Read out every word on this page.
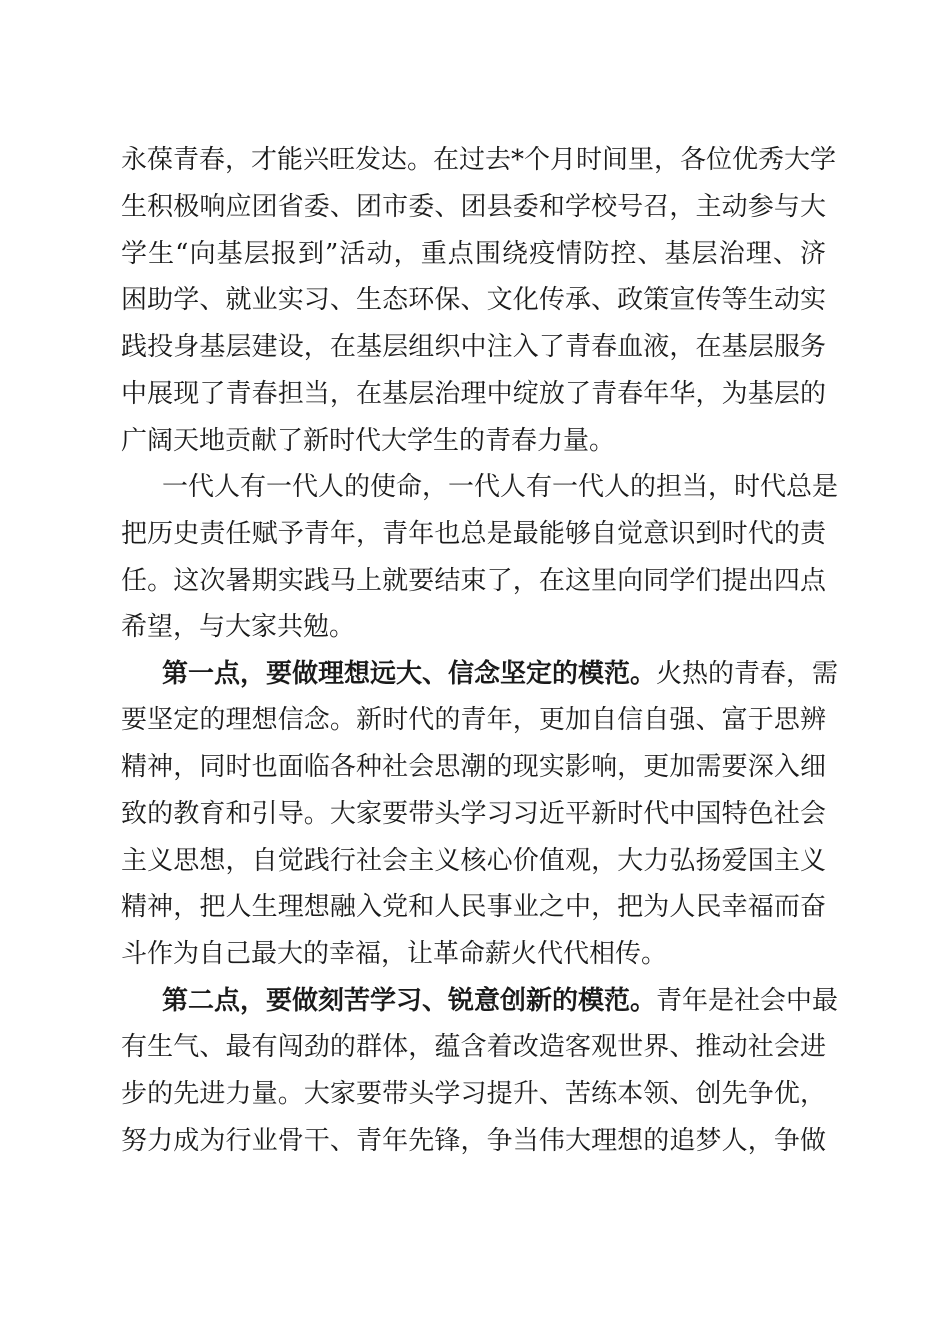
永葆青春，才能兴旺发达。在过去*个月时间里，各位优秀大学
生积极响应团省委、团市委、团县委和学校号召，主动参与大
学生“向基层报到”活动，重点围绕疫情防控、基层治理、济
困助学、就业实习、生态环保、文化传承、政策宣传等生动实
践投身基层建设，在基层组织中注入了青春血液，在基层服务
中展现了青春担当，在基层治理中绽放了青春年华，为基层的
广阔天地贡献了新时代大学生的青春力量。
一代人有一代人的使命，一代人有一代人的担当，时代总是
把历史责任赋予青年，青年也总是最能够自觉意识到时代的责
任。这次暑期实践马上就要结束了，在这里向同学们提出四点
希望，与大家共勉。
第一点，要做理想远大、信念坚定的模范。火热的青春，需
要坚定的理想信念。新时代的青年，更加自信自强、富于思辨
精神，同时也面临各种社会思潮的现实影响，更加需要深入细
致的教育和引导。大家要带头学习习近平新时代中国特色社会
主义思想，自觉践行社会主义核心价值观，大力弘扬爱国主义
精神，把人生理想融入党和人民事业之中，把为人民幸福而奋
斗作为自己最大的幸福，让革命薪火代代相传。
第二点，要做刻苦学习、锐意创新的模范。青年是社会中最
有生气、最有闯劲的群体，蕴含着改造客观世界、推动社会进
步的先进力量。大家要带头学习提升、苦练本领、创先争优，
努力成为行业骨干、青年先锋，争当伟大理想的追梦人，争做
